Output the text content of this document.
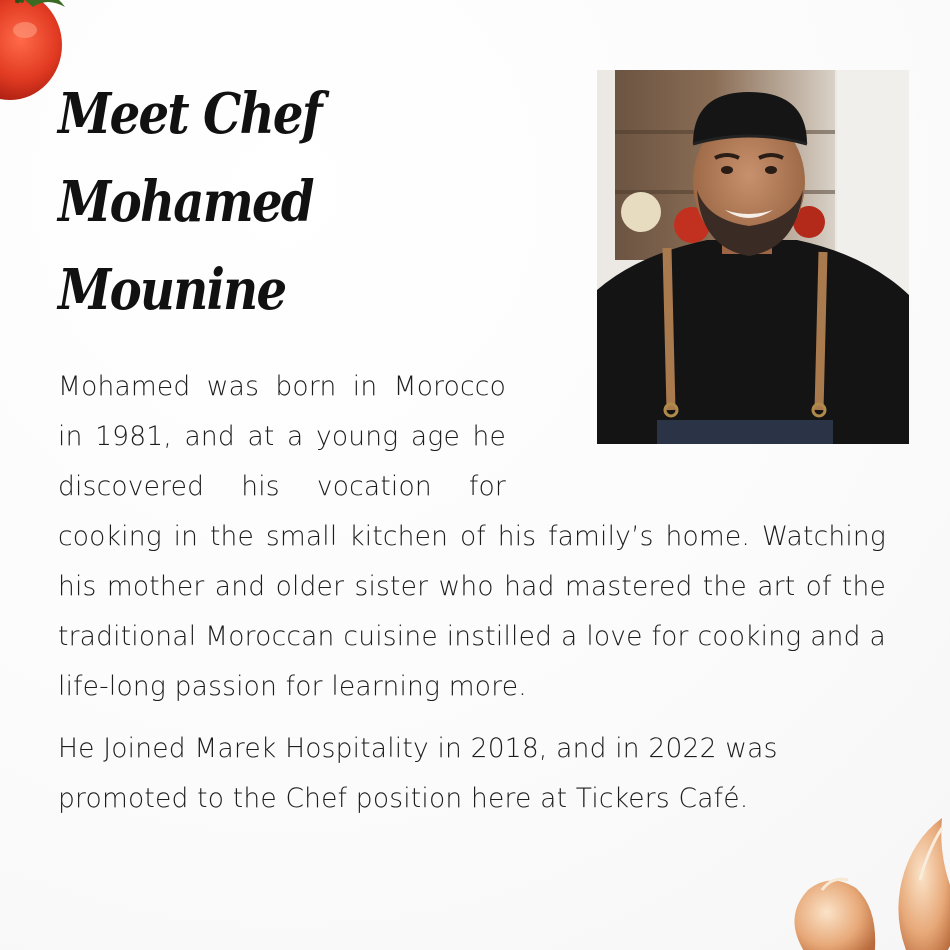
Meet Chef
Mohamed
Mounine

Mohamed was born in Morocco in 1981, and at a young age he discovered his vocation for cooking in the small kitchen of his family’s home. Watching his mother and older sister who had mastered the art of the traditional Moroccan cuisine instilled a love for cooking and a life-long passion for learning more.

He Joined Marek Hospitality in 2018, and in 2022 was promoted to the Chef position here at Tickers Café.
